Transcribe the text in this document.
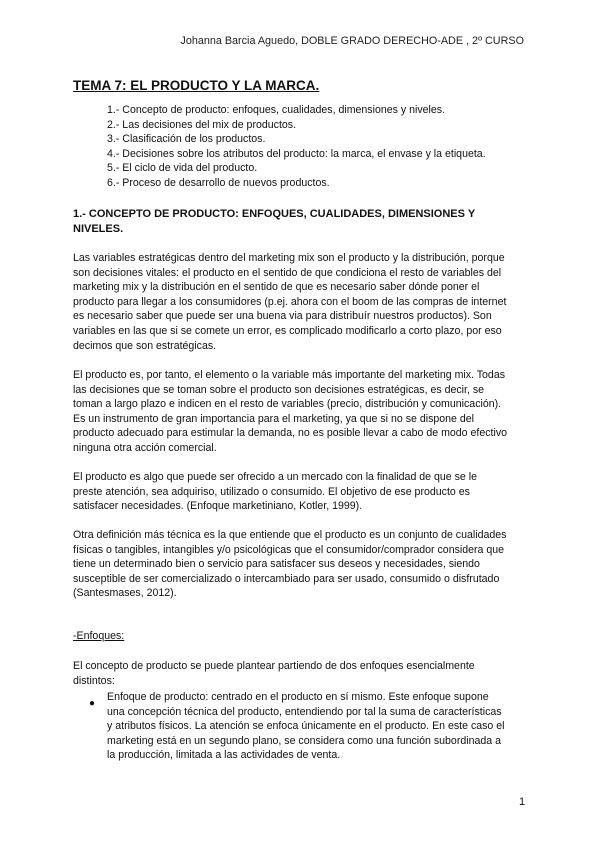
Johanna Barcia Aguedo, DOBLE GRADO DERECHO-ADE , 2º CURSO
TEMA 7: EL PRODUCTO Y LA MARCA.
1.- Concepto de producto: enfoques, cualidades, dimensiones y niveles.
2.- Las decisiones del mix de productos.
3.- Clasificación de los productos.
4.- Decisiones sobre los atributos del producto: la marca, el envase y la etiqueta.
5.- El ciclo de vida del producto.
6.- Proceso de desarrollo de nuevos productos.
1.- CONCEPTO DE PRODUCTO: ENFOQUES, CUALIDADES, DIMENSIONES Y
NIVELES.
Las variables estratégicas dentro del marketing mix son el producto y la distribución, porque
son decisiones vitales: el producto en el sentido de que condiciona el resto de variables del
marketing mix y la distribución en el sentido de que es necesario saber dónde poner el
producto para llegar a los consumidores (p.ej. ahora con el boom de las compras de internet
es necesario saber que puede ser una buena via para distribuír nuestros productos). Son
variables en las que si se comete un error, es complicado modificarlo a corto plazo, por eso
decimos que son estratégicas.
El producto es, por tanto, el elemento o la variable más importante del marketing mix. Todas
las decisiones que se toman sobre el producto son decisiones estratégicas, es decir, se
toman a largo plazo e indicen en el resto de variables (precio, distribución y comunicación).
Es un instrumento de gran importancia para el marketing, ya que si no se dispone del
producto adecuado para estimular la demanda, no es posible llevar a cabo de modo efectivo
ninguna otra acción comercial.
El producto es algo que puede ser ofrecido a un mercado con la finalidad de que se le
preste atención, sea adquiriso, utilizado o consumido. El objetivo de ese producto es
satisfacer necesidades. (Enfoque marketiniano, Kotler, 1999).
Otra definición más técnica es la que entiende que el producto es un conjunto de cualidades
físicas o tangibles, intangibles y/o psicológicas que el consumidor/comprador considera que
tiene un determinado bien o servicio para satisfacer sus deseos y necesidades, siendo
susceptible de ser comercializado o intercambiado para ser usado, consumido o disfrutado
(Santesmases, 2012).
-Enfoques:
El concepto de producto se puede plantear partiendo de dos enfoques esencialmente
distintos:
Enfoque de producto: centrado en el producto en sí mismo. Este enfoque supone
una concepción técnica del producto, entendiendo por tal la suma de características
y atributos físicos. La atención se enfoca únicamente en el producto. En este caso el
marketing está en un segundo plano, se considera como una función subordinada a
la producción, limitada a las actividades de venta.
●
1
